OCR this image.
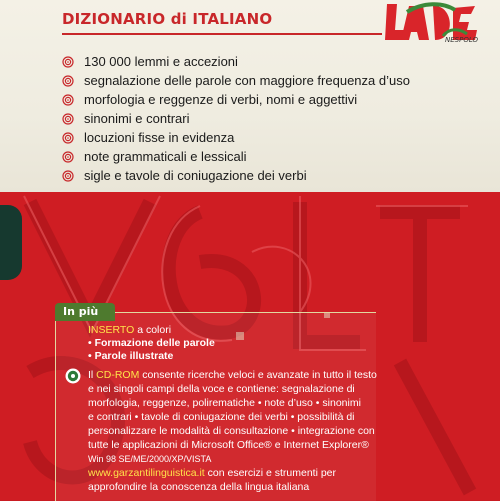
DIZIONARIO di ITALIANO
NESPOLO
130 000 lemmi e accezioni
segnalazione delle parole con maggiore frequenza d’uso
morfologia e reggenze di verbi, nomi e aggettivi
sinonimi e contrari
locuzioni fisse in evidenza
note grammaticali e lessicali
sigle e tavole di coniugazione dei verbi
In più
INSERTO a colori
• Formazione delle parole
• Parole illustrate
Il CD-ROM consente ricerche veloci e avanzate in tutto il testo
e nei singoli campi della voce e contiene: segnalazione di
morfologia, reggenze, polirematiche • note d’uso • sinonimi
e contrari • tavole di coniugazione dei verbi • possibilità di
personalizzare le modalità di consultazione • integrazione con
tutte le applicazioni di Microsoft Office® e Internet Explorer®
Win 98 SE/ME/2000/XP/VISTA
www.garzantilinguistica.it con esercizi e strumenti per
approfondire la conoscenza della lingua italiana
